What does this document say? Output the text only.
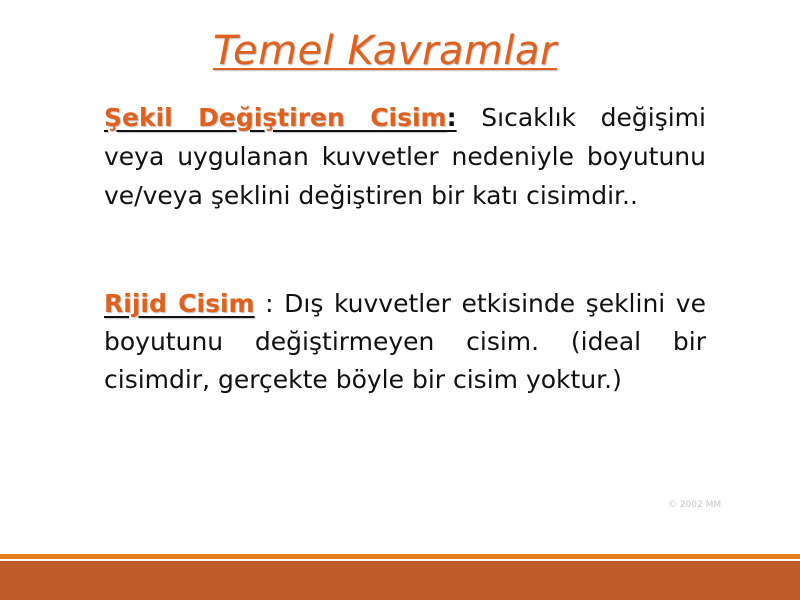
Temel Kavramlar
Şekil Değiştiren Cisim: Sıcaklık değişimi veya uygulanan kuvvetler nedeniyle boyutunu ve/veya şeklini değiştiren bir katı cisimdir..
Rijid Cisim : Dış kuvvetler etkisinde şeklini ve boyutunu değiştirmeyen cisim. (ideal bir cisimdir, gerçekte böyle bir cisim yoktur.)
© 2002 MM
